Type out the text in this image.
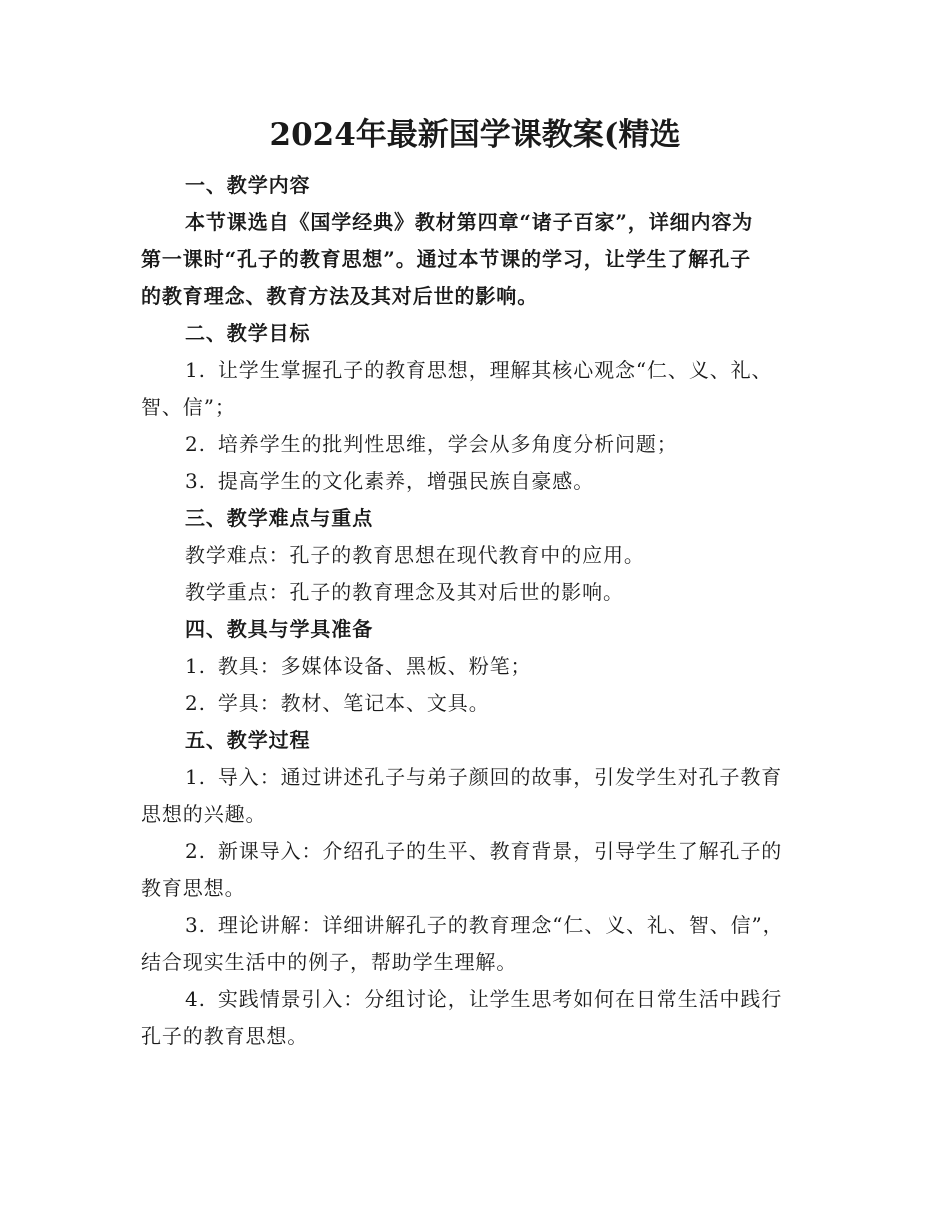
2024年最新国学课教案(精选
一、教学内容
本节课选自《国学经典》教材第四章“诸子百家”，详细内容为
第一课时“孔子的教育思想”。通过本节课的学习，让学生了解孔子
的教育理念、教育方法及其对后世的影响。
二、教学目标
1. 让学生掌握孔子的教育思想，理解其核心观念“仁、义、礼、
智、信”；
2. 培养学生的批判性思维，学会从多角度分析问题；
3. 提高学生的文化素养，增强民族自豪感。
三、教学难点与重点
教学难点：孔子的教育思想在现代教育中的应用。
教学重点：孔子的教育理念及其对后世的影响。
四、教具与学具准备
1. 教具：多媒体设备、黑板、粉笔；
2. 学具：教材、笔记本、文具。
五、教学过程
1. 导入：通过讲述孔子与弟子颜回的故事，引发学生对孔子教育
思想的兴趣。
2. 新课导入：介绍孔子的生平、教育背景，引导学生了解孔子的
教育思想。
3. 理论讲解：详细讲解孔子的教育理念“仁、义、礼、智、信”，
结合现实生活中的例子，帮助学生理解。
4. 实践情景引入：分组讨论，让学生思考如何在日常生活中践行
孔子的教育思想。
